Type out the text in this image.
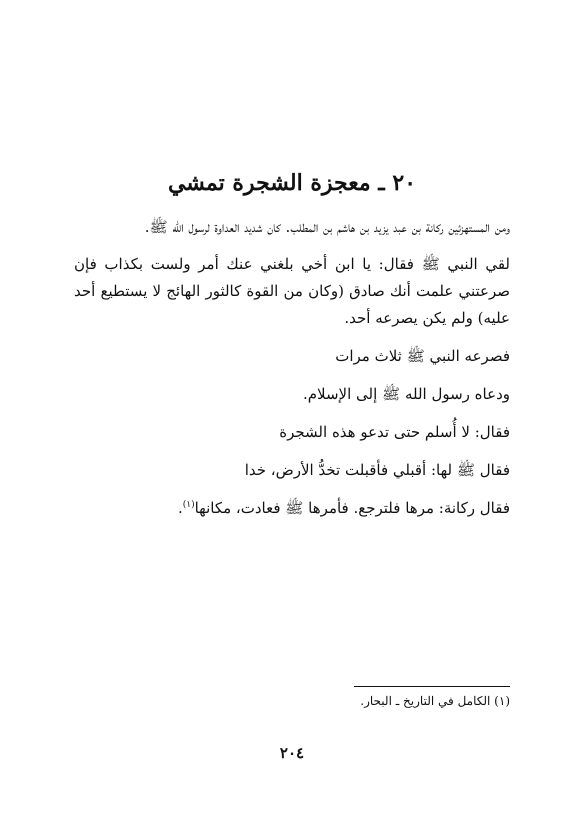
٢٠ ـ معجزة الشجرة تمشي

ومن المستهزئين ركانة بن عبد يزيد بن هاشم بن المطلب. كان شديد العداوة لرسول الله ﷺ.

لقي النبي ﷺ فقال: يا ابن أخي بلغني عنك أمر ولست بكذاب فإن صرعتني علمت أنك صادق (وكان من القوة كالثور الهائج لا يستطيع أحد عليه) ولم يكن يصرعه أحد.

فصرعه النبي ﷺ ثلاث مرات

ودعاه رسول الله ﷺ إلى الإسلام.

فقال: لا أُسلم حتى تدعو هذه الشجرة

فقال ﷺ لها: أقبلي فأقبلت تخدُّ الأرض، خدا

فقال ركانة: مرها فلترجع. فأمرها ﷺ فعادت، مكانها$^{(١)}$.

(١) الكامل في التاريخ ـ البحار.
٢٠٤
